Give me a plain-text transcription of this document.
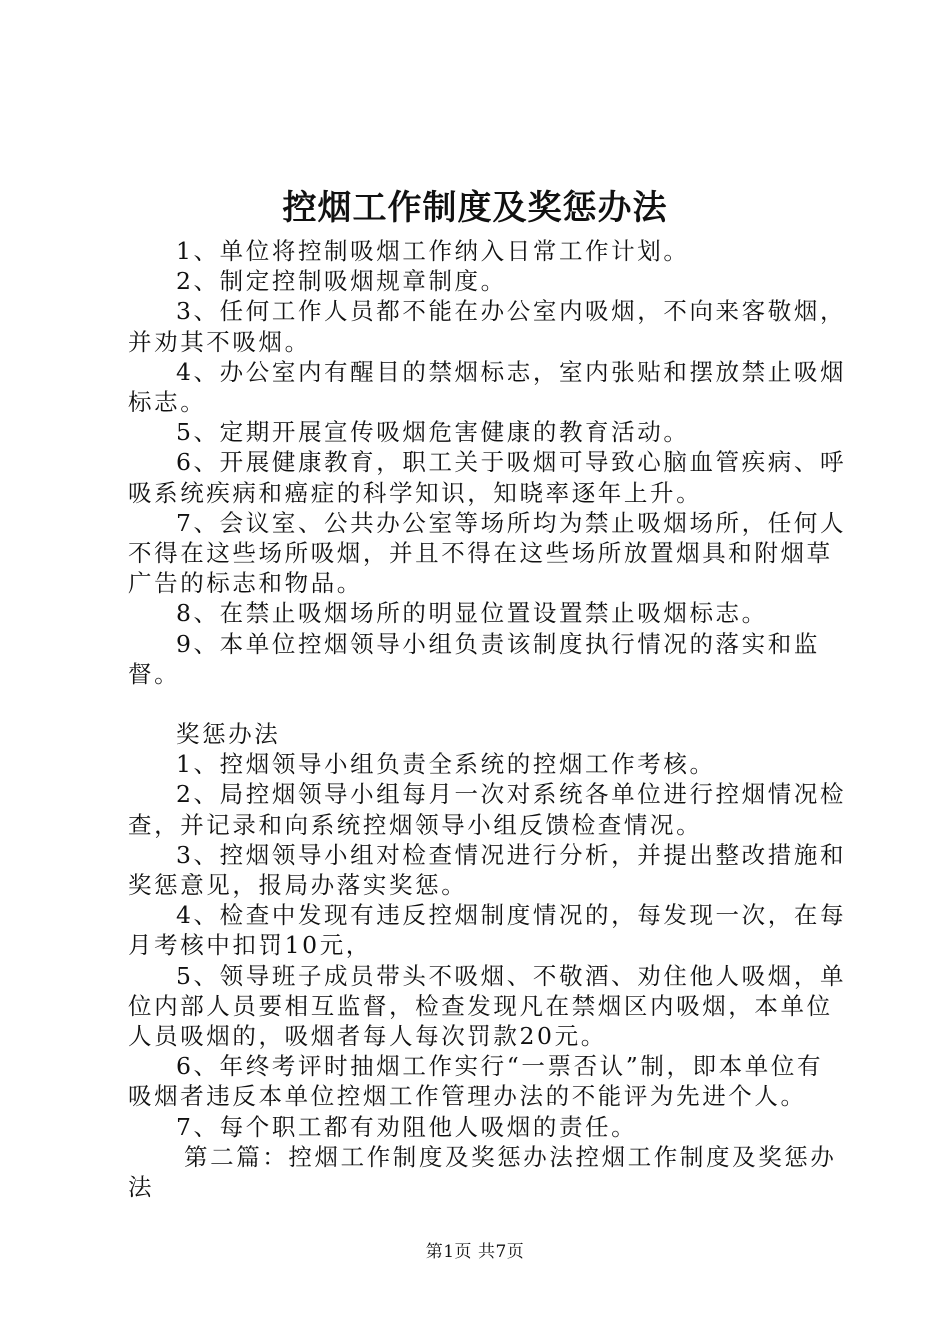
控烟工作制度及奖惩办法

1、单位将控制吸烟工作纳入日常工作计划。

2、制定控制吸烟规章制度。

3、任何工作人员都不能在办公室内吸烟，不向来客敬烟，并劝其不吸烟。

4、办公室内有醒目的禁烟标志，室内张贴和摆放禁止吸烟标志。

5、定期开展宣传吸烟危害健康的教育活动。

6、开展健康教育，职工关于吸烟可导致心脑血管疾病、呼吸系统疾病和癌症的科学知识，知晓率逐年上升。

7、会议室、公共办公室等场所均为禁止吸烟场所，任何人不得在这些场所吸烟，并且不得在这些场所放置烟具和附烟草广告的标志和物品。

8、在禁止吸烟场所的明显位置设置禁止吸烟标志。

9、本单位控烟领导小组负责该制度执行情况的落实和监督。

奖惩办法

1、控烟领导小组负责全系统的控烟工作考核。

2、局控烟领导小组每月一次对系统各单位进行控烟情况检查，并记录和向系统控烟领导小组反馈检查情况。

3、控烟领导小组对检查情况进行分析，并提出整改措施和奖惩意见，报局办落实奖惩。

4、检查中发现有违反控烟制度情况的，每发现一次，在每月考核中扣罚10元，

5、领导班子成员带头不吸烟、不敬酒、劝住他人吸烟，单位内部人员要相互监督，检查发现凡在禁烟区内吸烟，本单位人员吸烟的，吸烟者每人每次罚款20元。

6、年终考评时抽烟工作实行“一票否认”制，即本单位有吸烟者违反本单位控烟工作管理办法的不能评为先进个人。

7、每个职工都有劝阻他人吸烟的责任。

第二篇：控烟工作制度及奖惩办法控烟工作制度及奖惩办法

第1页 共7页
